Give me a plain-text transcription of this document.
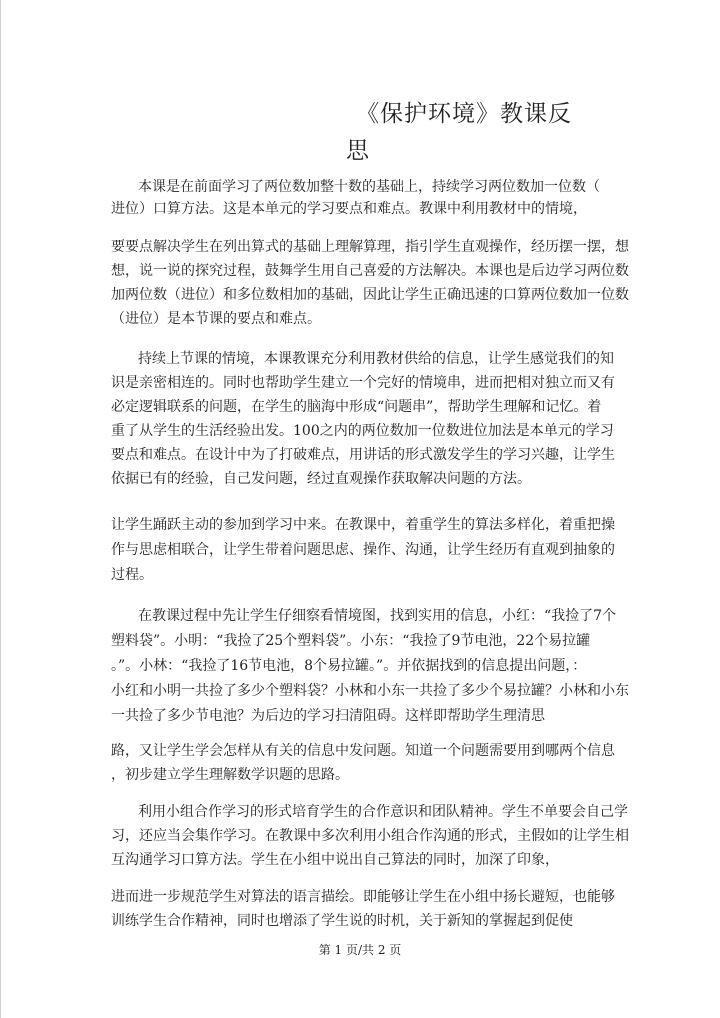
《保护环境》教课反
思
本课是在前面学习了两位数加整十数的基础上，持续学习两位数加一位数（
进位）口算方法。这是本单元的学习要点和难点。教课中利用教材中的情境，
要要点解决学生在列出算式的基础上理解算理，指引学生直观操作，经历摆一摆，想
想，说一说的探究过程，鼓舞学生用自己喜爱的方法解决。本课也是后边学习两位数
加两位数（进位）和多位数相加的基础，因此让学生正确迅速的口算两位数加一位数
（进位）是本节课的要点和难点。
持续上节课的情境，本课教课充分利用教材供给的信息，让学生感觉我们的知
识是亲密相连的。同时也帮助学生建立一个完好的情境串，进而把相对独立而又有
必定逻辑联系的问题，在学生的脑海中形成“问题串”，帮助学生理解和记忆。着
重了从学生的生活经验出发。100之内的两位数加一位数进位加法是本单元的学习
要点和难点。在设计中为了打破难点，用讲话的形式激发学生的学习兴趣，让学生
依据已有的经验，自己发问题，经过直观操作获取解决问题的方法。
让学生踊跃主动的参加到学习中来。在教课中，着重学生的算法多样化，着重把操
作与思虑相联合，让学生带着问题思虑、操作、沟通，让学生经历有直观到抽象的
过程。
在教课过程中先让学生仔细察看情境图，找到实用的信息，小红：“我捡了7个
塑料袋”。小明：“我捡了25个塑料袋”。小东：“我捡了9节电池，22个易拉罐
。”。小林：“我捡了16节电池，8个易拉罐。”。并依据找到的信息提出问题，：
小红和小明一共捡了多少个塑料袋？小林和小东一共捡了多少个易拉罐？小林和小东
一共捡了多少节电池？为后边的学习扫清阻碍。这样即帮助学生理清思
路，又让学生学会怎样从有关的信息中发问题。知道一个问题需要用到哪两个信息
，初步建立学生理解数学识题的思路。
利用小组合作学习的形式培育学生的合作意识和团队精神。学生不单要会自己学
习，还应当会集作学习。在教课中多次利用小组合作沟通的形式，主假如的让学生相
互沟通学习口算方法。学生在小组中说出自己算法的同时，加深了印象，
进而进一步规范学生对算法的语言描绘。即能够让学生在小组中扬长避短，也能够
训练学生合作精神，同时也增添了学生说的时机，关于新知的掌握起到促使
第 1 页/共 2 页
